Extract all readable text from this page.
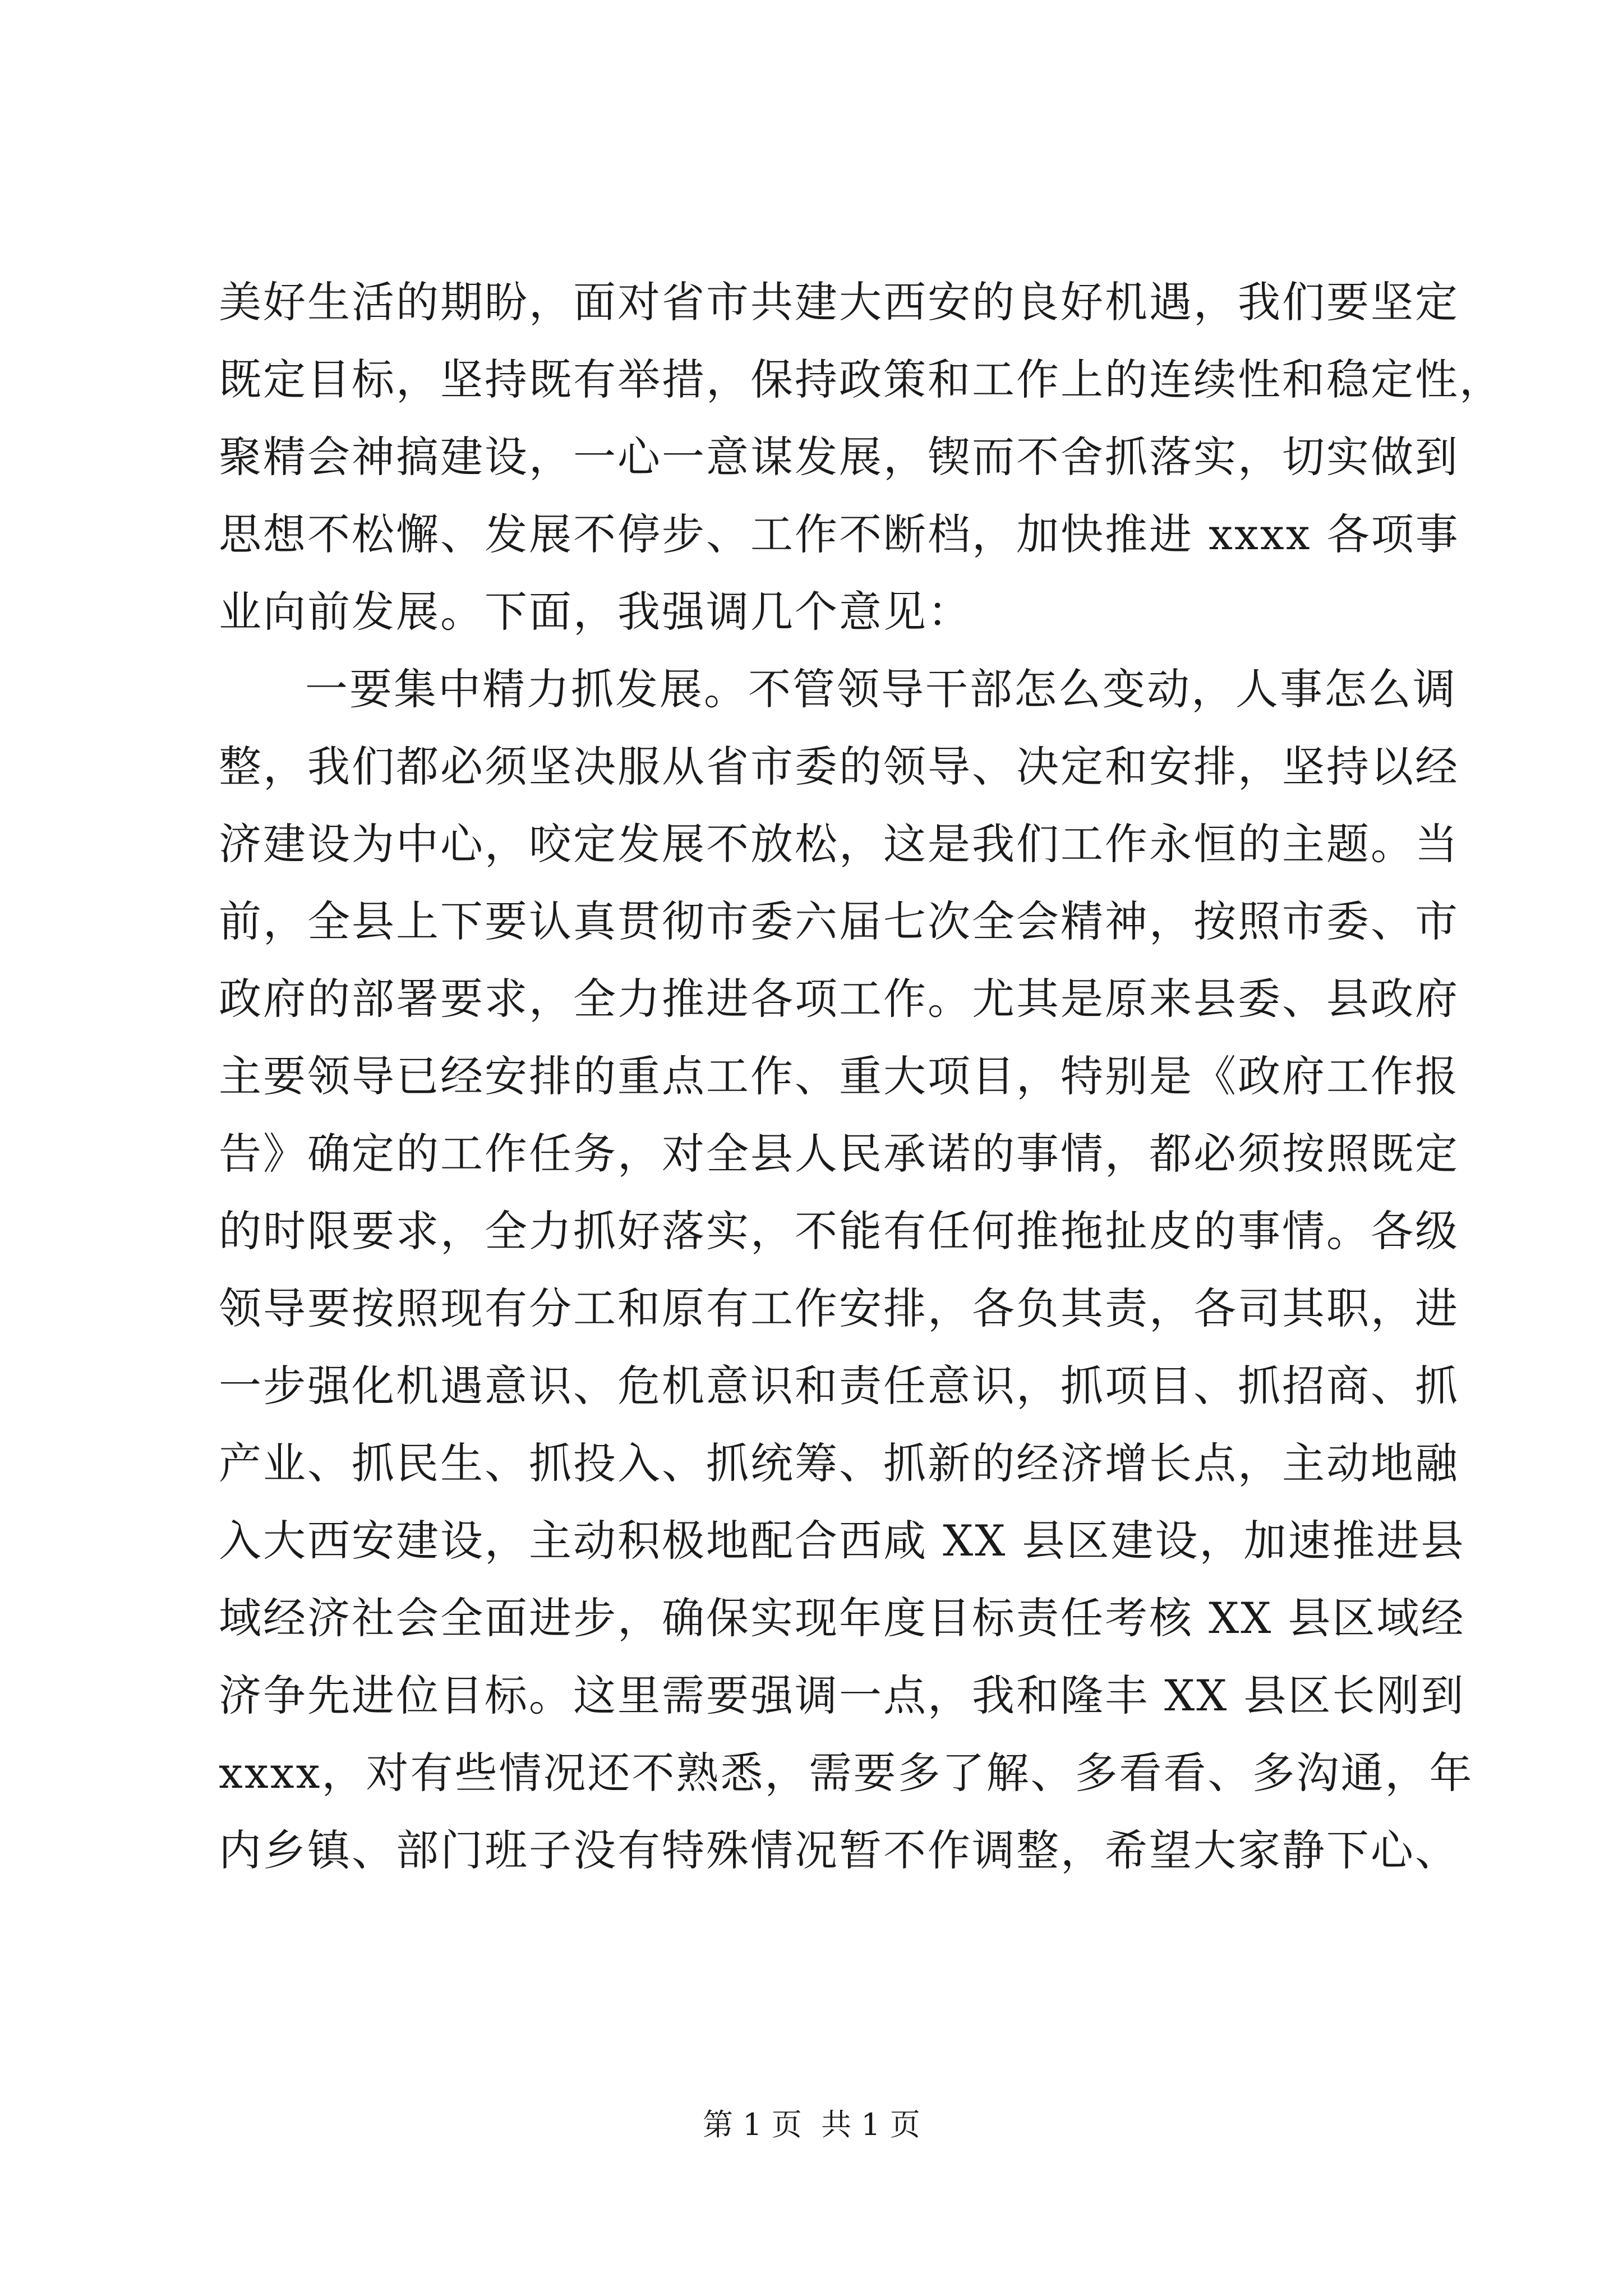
美好生活的期盼，面对省市共建大西安的良好机遇，我们要坚定
既定目标，坚持既有举措，保持政策和工作上的连续性和稳定性，
聚精会神搞建设，一心一意谋发展，锲而不舍抓落实，切实做到
思想不松懈、发展不停步、工作不断档，加快推进 xxxx 各项事
业向前发展。下面，我强调几个意见：
一要集中精力抓发展。不管领导干部怎么变动，人事怎么调
整，我们都必须坚决服从省市委的领导、决定和安排，坚持以经
济建设为中心，咬定发展不放松，这是我们工作永恒的主题。当
前，全县上下要认真贯彻市委六届七次全会精神，按照市委、市
政府的部署要求，全力推进各项工作。尤其是原来县委、县政府
主要领导已经安排的重点工作、重大项目，特别是《政府工作报
告》确定的工作任务，对全县人民承诺的事情，都必须按照既定
的时限要求，全力抓好落实，不能有任何推拖扯皮的事情。各级
领导要按照现有分工和原有工作安排，各负其责，各司其职，进
一步强化机遇意识、危机意识和责任意识，抓项目、抓招商、抓
产业、抓民生、抓投入、抓统筹、抓新的经济增长点，主动地融
入大西安建设，主动积极地配合西咸 XX 县区建设，加速推进县
域经济社会全面进步，确保实现年度目标责任考核 XX 县区域经
济争先进位目标。这里需要强调一点，我和隆丰 XX 县区长刚到
xxxx，对有些情况还不熟悉，需要多了解、多看看、多沟通，年
内乡镇、部门班子没有特殊情况暂不作调整，希望大家静下心、
第 1 页  共 1 页
